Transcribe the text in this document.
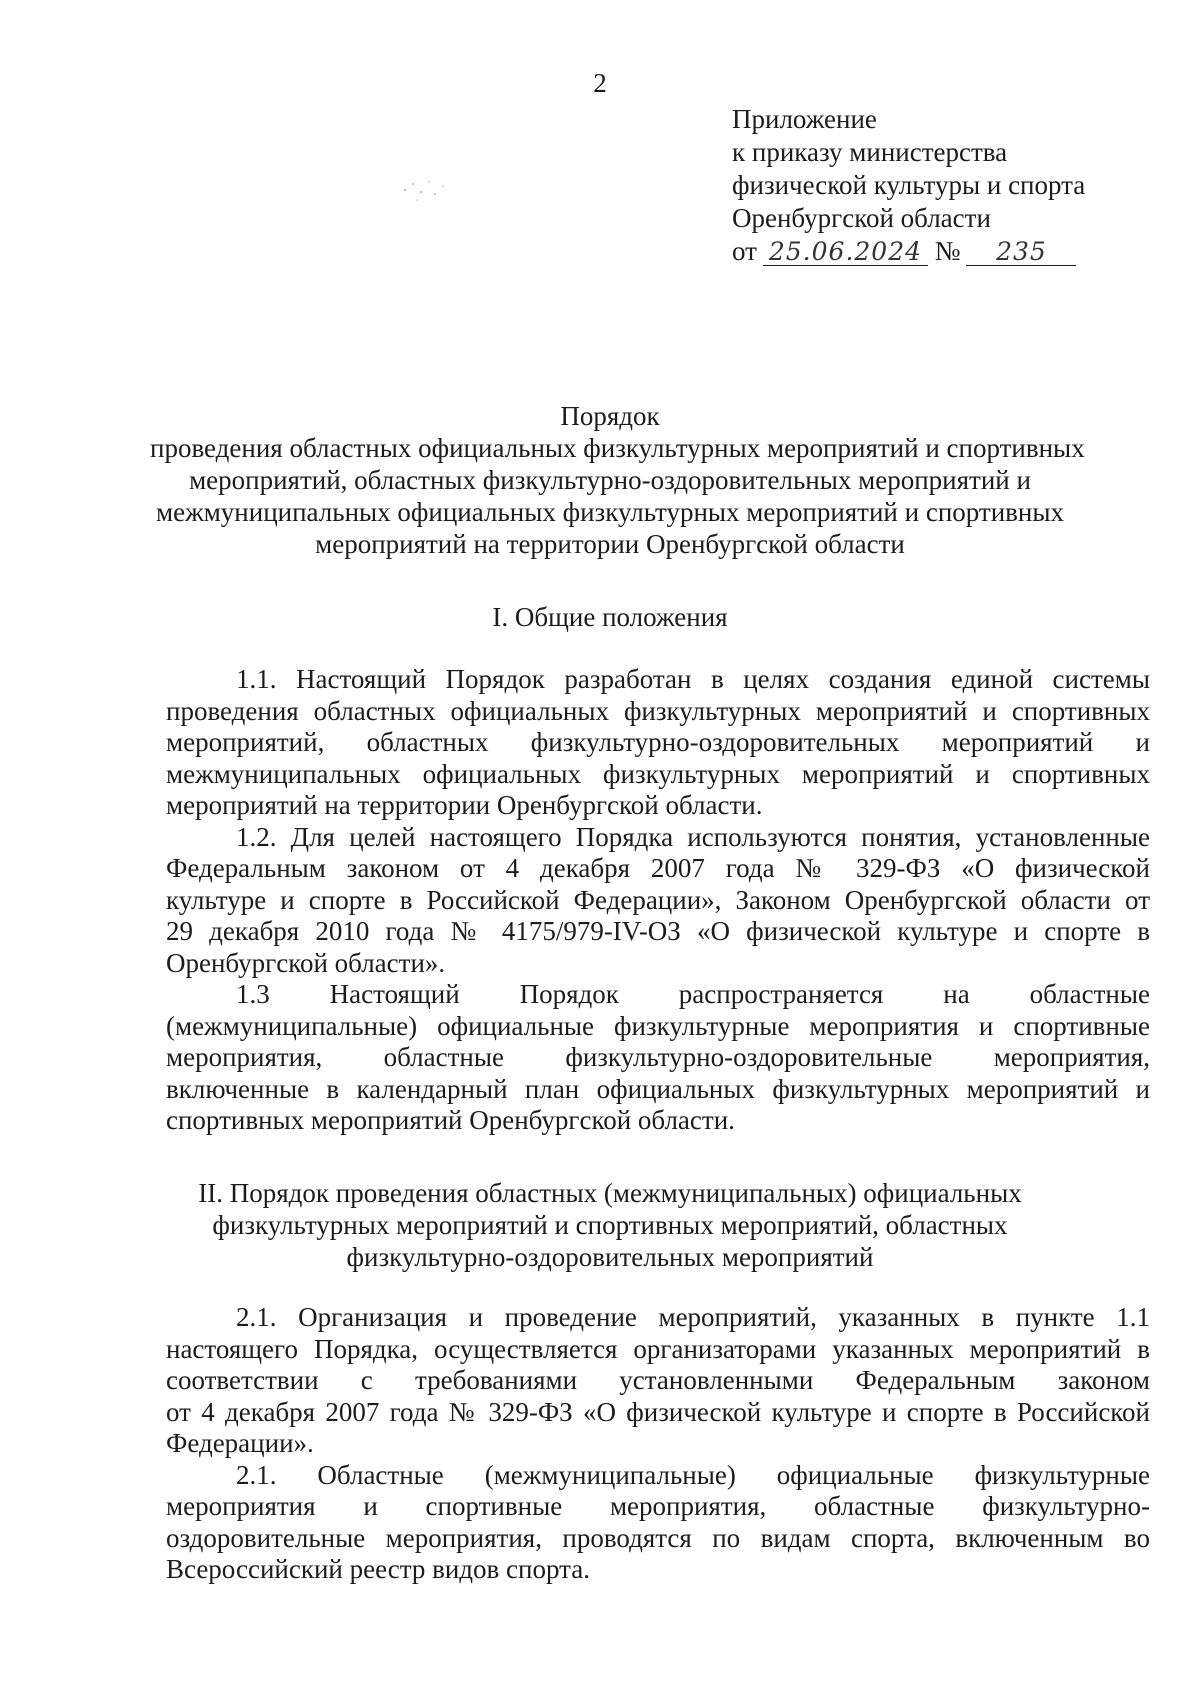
2
Приложение
к приказу министерства
физической культуры и спорта
Оренбургской области
от 25.06.2024 № 235
Порядок
проведения областных официальных физкультурных мероприятий и спортивных
мероприятий, областных физкультурно-оздоровительных мероприятий и
межмуниципальных официальных физкультурных мероприятий и спортивных
мероприятий на территории Оренбургской области
I. Общие положения

1.1. Настоящий Порядок разработан в целях создания единой системы
проведения областных официальных физкультурных мероприятий и спортивных
мероприятий, областных физкультурно-оздоровительных мероприятий и
межмуниципальных официальных физкультурных мероприятий и спортивных
мероприятий на территории Оренбургской области.

1.2. Для целей настоящего Порядка используются понятия, установленные
Федеральным законом от 4 декабря 2007 года № 329-ФЗ «О физической
культуре и спорте в Российской Федерации», Законом Оренбургской области от
29 декабря 2010 года № 4175/979-IV-ОЗ «О физической культуре и спорте в
Оренбургской области».

1.3 Настоящий Порядок распространяется на областные
(межмуниципальные) официальные физкультурные мероприятия и спортивные
мероприятия, областные физкультурно-оздоровительные мероприятия,
включенные в календарный план официальных физкультурных мероприятий и
спортивных мероприятий Оренбургской области.

II. Порядок проведения областных (межмуниципальных) официальных
физкультурных мероприятий и спортивных мероприятий, областных
физкультурно-оздоровительных мероприятий

2.1. Организация и проведение мероприятий, указанных в пункте 1.1
настоящего Порядка, осуществляется организаторами указанных мероприятий в
соответствии с требованиями установленными Федеральным законом
от 4 декабря 2007 года № 329-ФЗ «О физической культуре и спорте в Российской
Федерации».

2.1. Областные (межмуниципальные) официальные физкультурные
мероприятия и спортивные мероприятия, областные физкультурно-
оздоровительные мероприятия, проводятся по видам спорта, включенным во
Всероссийский реестр видов спорта.
